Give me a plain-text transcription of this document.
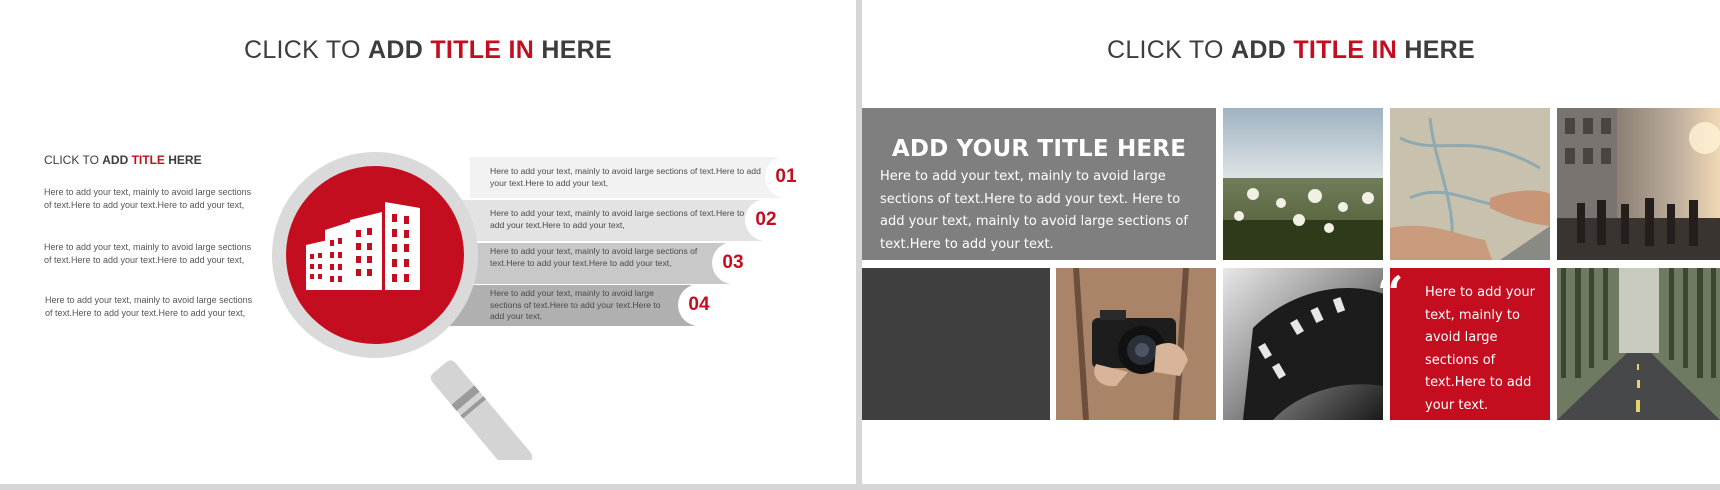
CLICK TO ADD TITLE IN HERE
CLICK TO ADD TITLE HERE
Here to add your text, mainly to avoid large sections of text.Here to add your text.Here to add your text,
Here to add your text, mainly to avoid large sections of text.Here to add your text.Here to add your text,
Here to add your text, mainly to avoid large sections of text.Here to add your text.Here to add your text,
Here to add your text, mainly to avoid large sections of text.Here to add your text.Here to add your text,
Here to add your text, mainly to avoid large sections of text.Here to add your text.Here to add your text,
Here to add your text, mainly to avoid large sections of text.Here to add your text.Here to add your text,
Here to add your text, mainly to avoid large sections of text.Here to add your text.Here to add your text,
01
02
03
04
CLICK TO ADD TITLE IN HERE
ADD YOUR TITLE HERE

Here to add your text, mainly to avoid large sections of text.Here to add your text. Here to add your text, mainly to avoid large sections of text.Here to add your text.

“ Here to add your text, mainly to avoid large sections of text.Here to add your text.
